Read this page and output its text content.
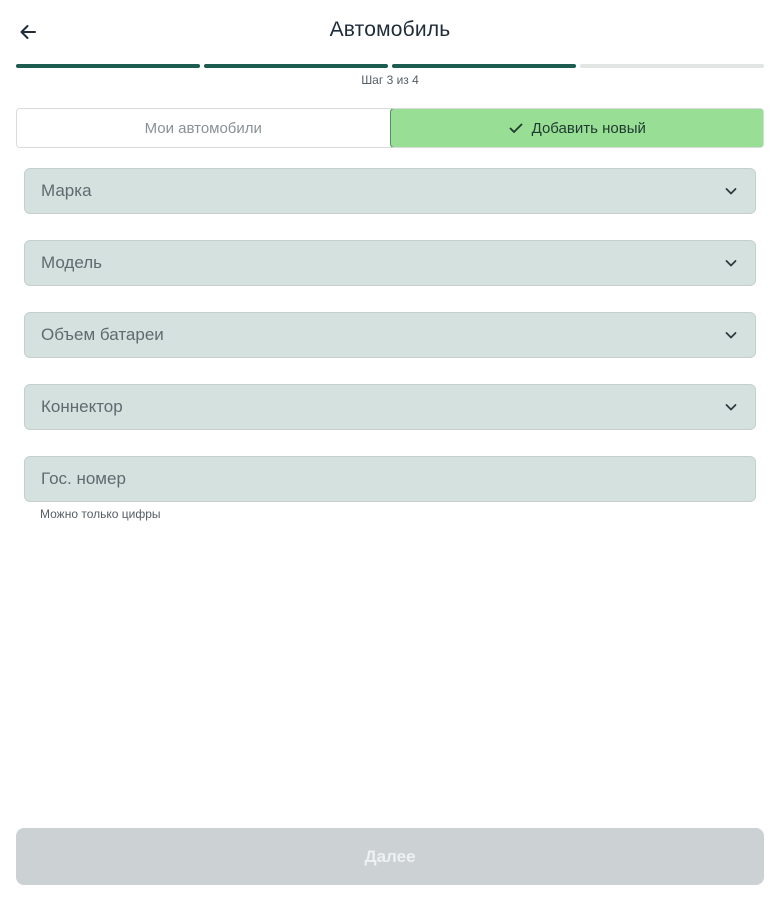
Автомобиль
Шаг 3 из 4
Мои автомобили	Добавить новый
Марка
Модель
Объем батареи
Коннектор
Гос. номер
Можно только цифры
Далее
